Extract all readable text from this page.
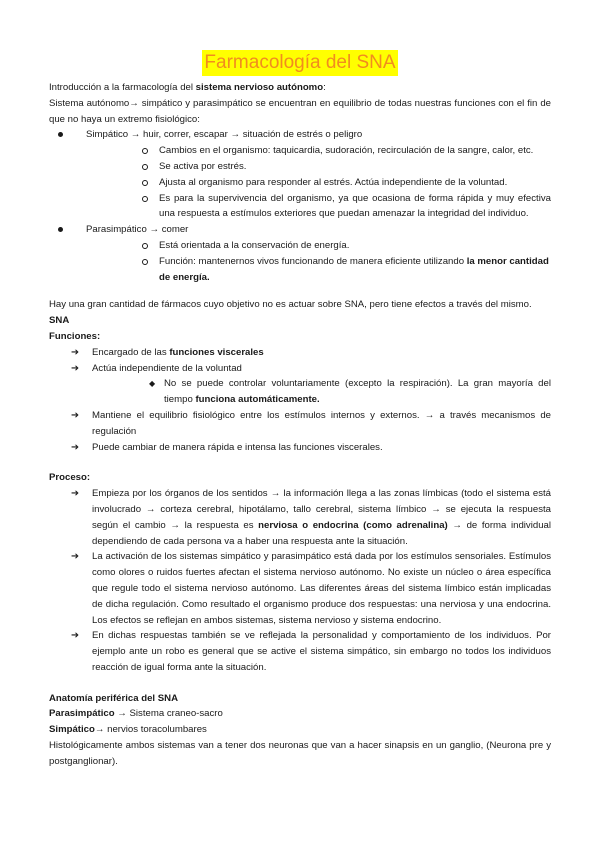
Farmacología del SNA

Introducción a la farmacología del sistema nervioso autónomo:

Sistema autónomo→ simpático y parasimpático se encuentran en equilibrio de todas nuestras funciones con el fin de que no haya un extremo fisiológico:

Simpático → huir, correr, escapar → situación de estrés o peligro
Cambios en el organismo: taquicardia, sudoración, recirculación de la sangre, calor, etc.
Se activa por estrés.
Ajusta al organismo para responder al estrés. Actúa independiente de la voluntad.
Es para la supervivencia del organismo, ya que ocasiona de forma rápida y muy efectiva una respuesta a estímulos exteriores que puedan amenazar la integridad del individuo.
Parasimpático → comer
Está orientada a la conservación de energía.
Función: mantenernos vivos funcionando de manera eficiente utilizando la menor cantidad de energía.

Hay una gran cantidad de fármacos cuyo objetivo no es actuar sobre SNA, pero tiene efectos a través del mismo.

SNA

Funciones:

➔ Encargado de las funciones viscerales
➔ Actúa independiente de la voluntad
◆ No se puede controlar voluntariamente (excepto la respiración). La gran mayoría del tiempo funciona automáticamente.
➔ Mantiene el equilibrio fisiológico entre los estímulos internos y externos. → a través mecanismos de regulación
➔ Puede cambiar de manera rápida e intensa las funciones viscerales.

Proceso:

➔ Empieza por los órganos de los sentidos → la información llega a las zonas límbicas (todo el sistema está involucrado → corteza cerebral, hipotálamo, tallo cerebral, sistema límbico → se ejecuta la respuesta según el cambio → la respuesta es nerviosa o endocrina (como adrenalina) → de forma individual dependiendo de cada persona va a haber una respuesta ante la situación.
➔ La activación de los sistemas simpático y parasimpático está dada por los estímulos sensoriales. Estímulos como olores o ruidos fuertes afectan el sistema nervioso autónomo. No existe un núcleo o área específica que regule todo el sistema nervioso autónomo. Las diferentes áreas del sistema límbico están implicadas de dicha regulación. Como resultado el organismo produce dos respuestas: una nerviosa y una endocrina. Los efectos se reflejan en ambos sistemas, sistema nervioso y sistema endocrino.
➔ En dichas respuestas también se ve reflejada la personalidad y comportamiento de los individuos. Por ejemplo ante un robo es general que se active el sistema simpático, sin embargo no todos los individuos reacción de igual forma ante la situación.

Anatomía periférica del SNA

Parasimpático → Sistema craneo-sacro

Simpático→ nervios toracolumbares

Histológicamente ambos sistemas van a tener dos neuronas que van a hacer sinapsis en un ganglio, (Neurona pre y postganglionar).
